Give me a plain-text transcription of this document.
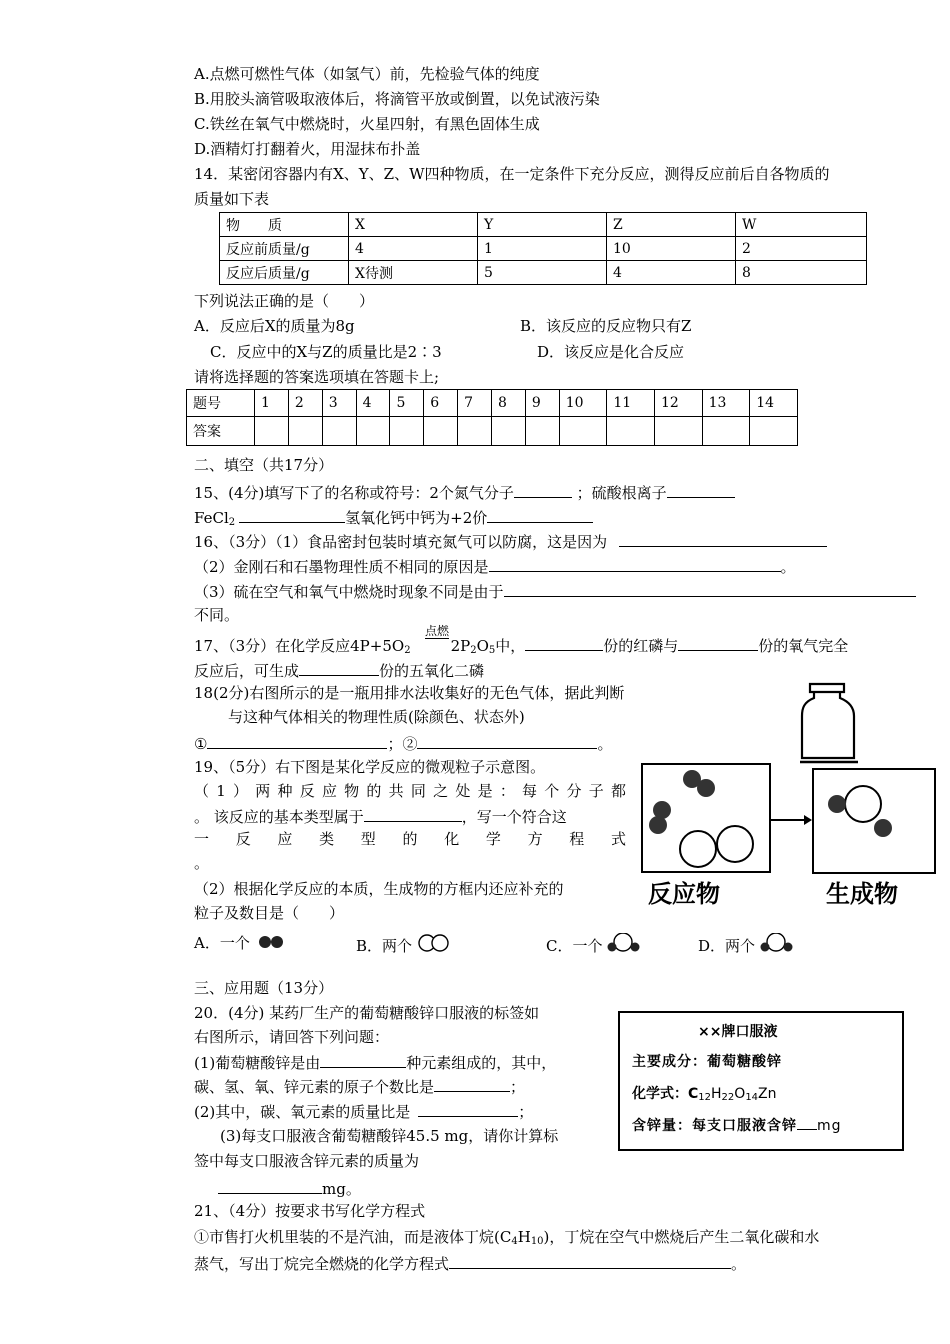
A.点燃可燃性气体（如氢气）前，先检验气体的纯度
B.用胶头滴管吸取液体后，将滴管平放或倒置，以免试液污染
C.铁丝在氧气中燃烧时，火星四射，有黑色固体生成
D.酒精灯打翻着火，用湿抹布扑盖
14．某密闭容器内有X、Y、Z、W四种物质，在一定条件下充分反应，测得反应前后自各物质的
质量如下表
物　　质	X	Y	Z	W
反应前质量/g	4	1	10	2
反应后质量/g	X待测	5	4	8
下列说法正确的是（　　）
A．反应后X的质量为8g	B．该反应的反应物只有Z
C．反应中的X与Z的质量比是2∶3	D．该反应是化合反应
请将选择题的答案选项填在答题卡上;
题号	1	2	3	4	5	6	7	8	9	10	11	12	13	14
答案														
二、填空（共17分）
15、(4分)填写下了的名称或符号：2个氮气分子	；硫酸根离子
FeCl$_2$	氢氧化钙中钙为+2价
16、（3分）（1）食品密封包装时填充氮气可以防腐，这是因为
（2）金刚石和石墨物理性质不相同的原因是	。
（3）硫在空气和氧气中燃烧时现象不同是由于
不同。
点燃
17、（3分）在化学反应$4P+5O_2$	$2P_2O_5$中，	份的红磷与	份的氧气完全
反应后，可生成	份的五氧化二磷
18(2分)右图所示的是一瓶用排水法收集好的无色气体，据此判断
与这种气体相关的物理性质(除颜色、状态外)
①	；②	。
19、（5分）右下图是某化学反应的微观粒子示意图。
（1）两种反应物的共同之处是：每个分子都
。 该反应的基本类型属于	，写一个符合这
一反应类型的化学方程式
。
（2）根据化学反应的本质，生成物的方框内还应补充的
粒子及数目是（　　）
反应物	生成物
A．一个	B．两个	C．一个	D．两个
三、应用题（13分）
20．(4分) 某药厂生产的葡萄糖酸锌口服液的标签如
右图所示，请回答下列问题：
(1)葡萄糖酸锌是由	种元素组成的，其中，
碳、氢、氧、锌元素的原子个数比是	；
(2)其中，碳、氧元素的质量比是	；
(3)每支口服液含葡萄糖酸锌45.5 mg，请你计算标
签中每支口服液含锌元素的质量为
mg。
××牌口服液
主要成分：葡萄糖酸锌
化学式：$C_{12}H_{22}O_{14}Zn$
含锌量：每支口服液含锌 mg
21、（4分）按要求书写化学方程式
①市售打火机里装的不是汽油，而是液体丁烷$(C_4H_{10})$，丁烷在空气中燃烧后产生二氧化碳和水
蒸气，写出丁烷完全燃烧的化学方程式	。
